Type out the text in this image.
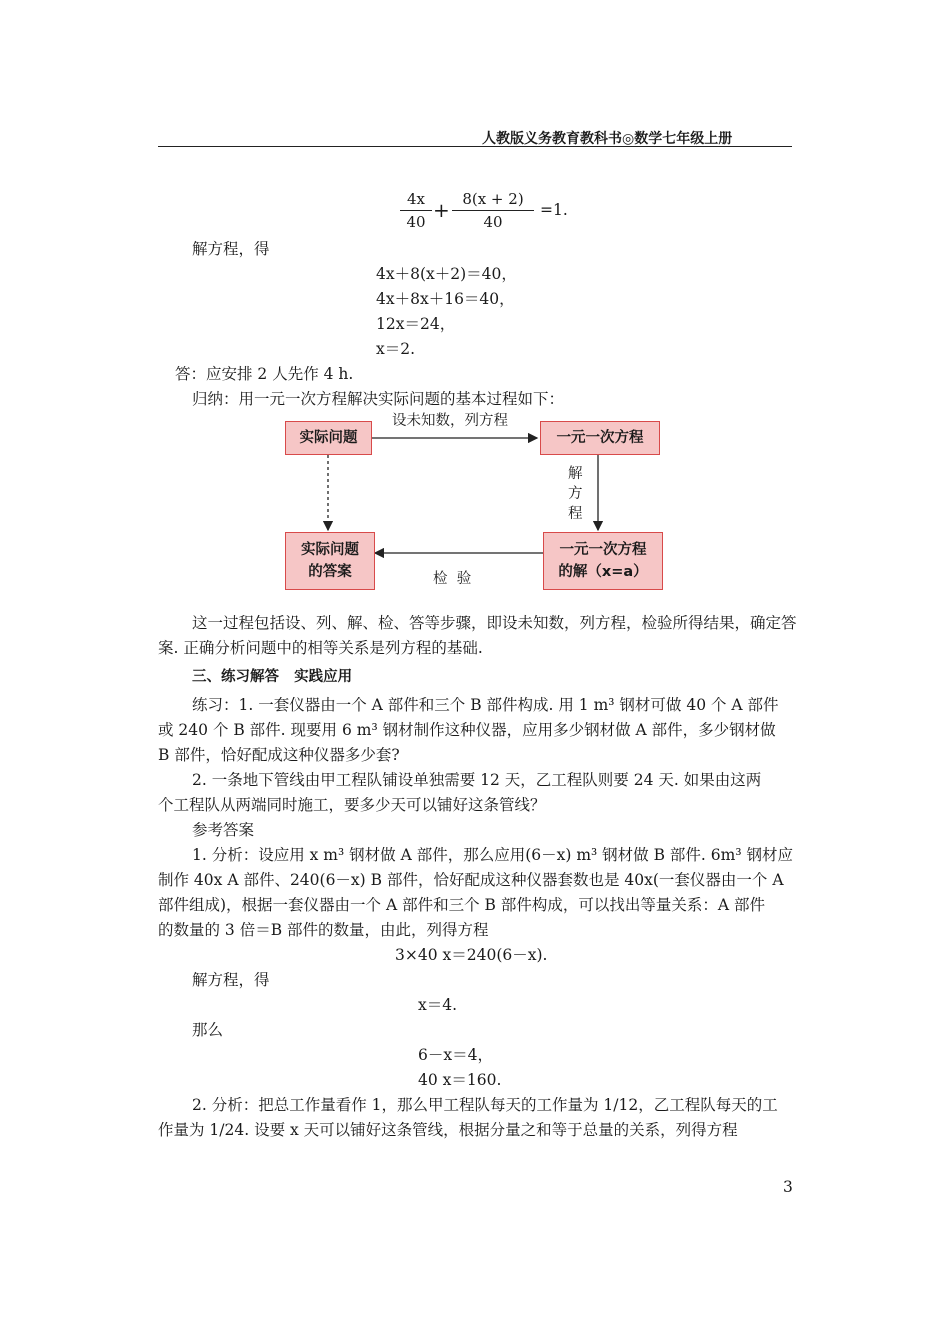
人教版义务教育教科书◎数学七年级上册
4x
40 + 8(x + 2)
40
=1.
解方程，得
4x＋8(x＋2)＝40，
4x＋8x＋16＝40，
12x＝24，
x＝2.
答：应安排 2 人先作 4 h.
归纳：用一元一次方程解决实际问题的基本过程如下：
实际问题	一元一次方程
一元一次方程
的解（x=a）
实际问题
的答案
设未知数，列方程
解
方
程
检  验
这一过程包括设、列、解、检、答等步骤，即设未知数，列方程，检验所得结果，确定答
案. 正确分析问题中的相等关系是列方程的基础.
三、练习解答   实践应用
练习：1. 一套仪器由一个 A 部件和三个 B 部件构成. 用 1 m³ 钢材可做 40 个 A 部件
或 240 个 B 部件. 现要用 6 m³ 钢材制作这种仪器，应用多少钢材做 A 部件，多少钢材做
B 部件，恰好配成这种仪器多少套?
2. 一条地下管线由甲工程队铺设单独需要 12 天，乙工程队则要 24 天. 如果由这两
个工程队从两端同时施工，要多少天可以铺好这条管线？
参考答案
1. 分析：设应用 x m³ 钢材做 A 部件，那么应用(6－x) m³ 钢材做 B 部件. 6m³ 钢材应
制作 40x A 部件、240(6－x) B 部件，恰好配成这种仪器套数也是 40x(一套仪器由一个 A
部件组成)，根据一套仪器由一个 A 部件和三个 B 部件构成，可以找出等量关系：A 部件
的数量的 3 倍＝B 部件的数量，由此，列得方程
3×40 x＝240(6－x).
解方程，得
x＝4.
那么
6－x＝4，
40 x＝160.
2. 分析：把总工作量看作 1，那么甲工程队每天的工作量为 1/12，乙工程队每天的工
作量为 1/24. 设要 x 天可以铺好这条管线，根据分量之和等于总量的关系，列得方程
3
